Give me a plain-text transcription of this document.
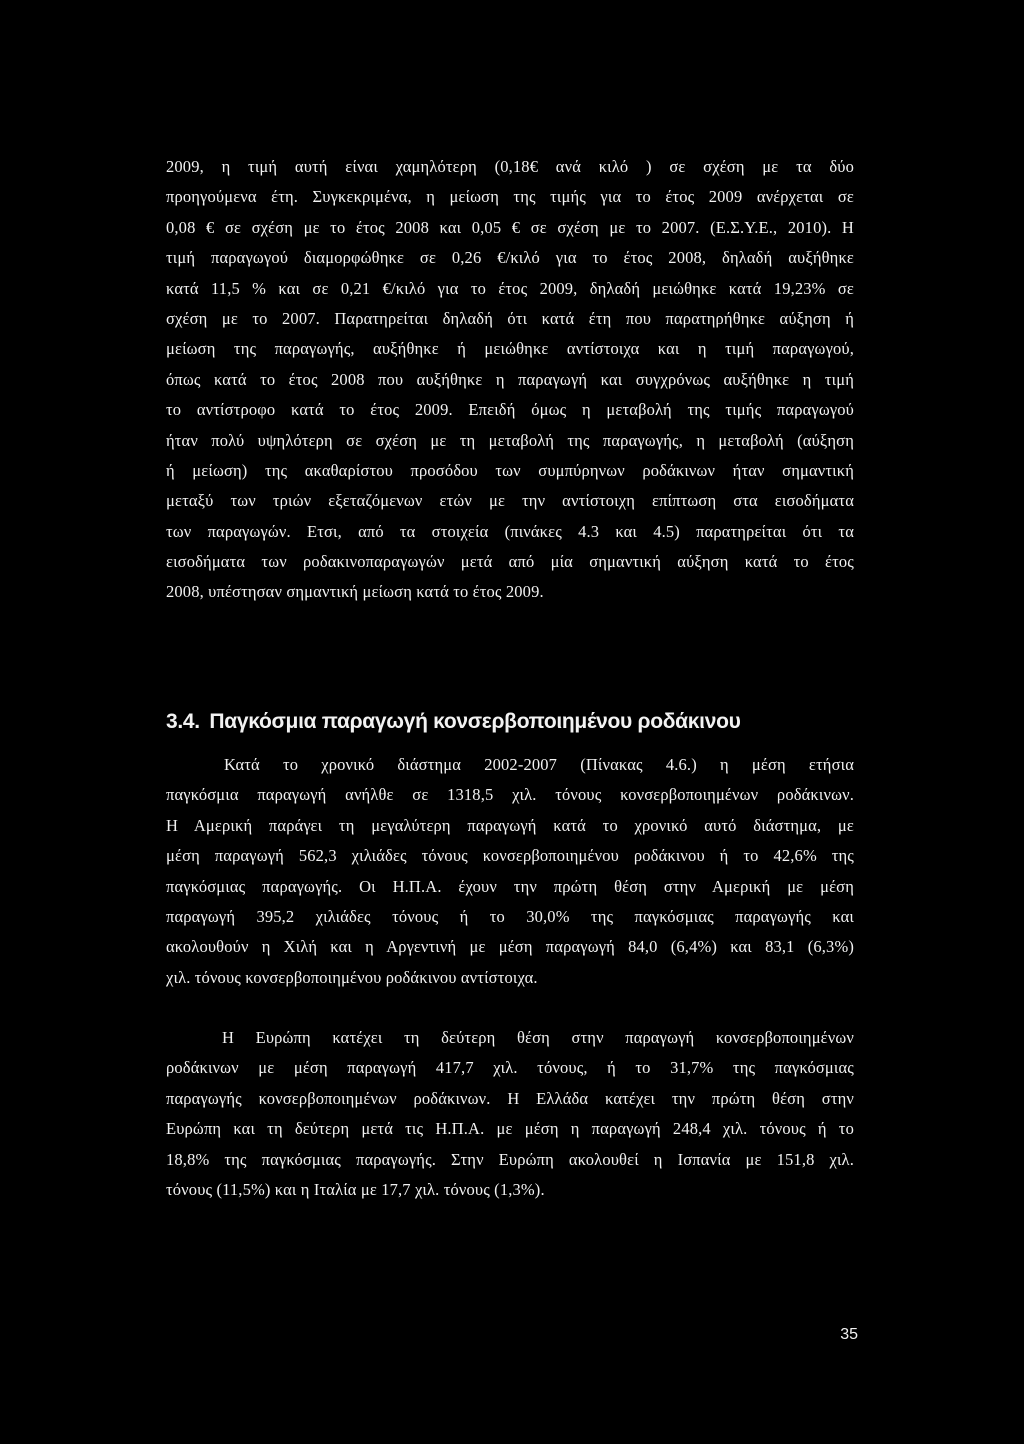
2009, η τιμή αυτή είναι χαμηλότερη (0,18€ ανά κιλό ) σε σχέση με τα δύο
προηγούμενα έτη. Συγκεκριμένα, η μείωση της τιμής για το έτος 2009 ανέρχεται σε
0,08 € σε σχέση με το έτος 2008 και 0,05 € σε σχέση με το 2007. (Ε.Σ.Υ.Ε., 2010). Η
τιμή παραγωγού διαμορφώθηκε σε 0,26 €/κιλό για το έτος 2008, δηλαδή αυξήθηκε
κατά 11,5 % και σε 0,21 €/κιλό για το έτος 2009, δηλαδή μειώθηκε κατά 19,23% σε
σχέση με το 2007. Παρατηρείται δηλαδή ότι κατά έτη που παρατηρήθηκε αύξηση ή
μείωση της παραγωγής, αυξήθηκε ή μειώθηκε αντίστοιχα και η τιμή παραγωγού,
όπως κατά το έτος 2008 που αυξήθηκε η παραγωγή και συγχρόνως αυξήθηκε η τιμή
το αντίστροφο κατά το έτος 2009. Επειδή όμως η μεταβολή της τιμής παραγωγού
ήταν πολύ υψηλότερη σε σχέση με τη μεταβολή της παραγωγής, η μεταβολή (αύξηση
ή μείωση) της ακαθαρίστου προσόδου των συμπύρηνων ροδάκινων ήταν σημαντική
μεταξύ των τριών εξεταζόμενων ετών με την αντίστοιχη επίπτωση στα εισοδήματα
των παραγωγών. Ετσι, από τα στοιχεία (πινάκες 4.3 και 4.5) παρατηρείται ότι τα
εισοδήματα των ροδακινοπαραγωγών μετά από μία σημαντική αύξηση κατά το έτος
2008, υπέστησαν σημαντική μείωση κατά το έτος 2009.
3.4. Παγκόσμια παραγωγή κονσερβοποιημένου ροδάκινου
Κατά το χρονικό διάστημα 2002-2007 (Πίνακας 4.6.) η μέση ετήσια
παγκόσμια παραγωγή ανήλθε σε 1318,5 χιλ. τόνους κονσερβοποιημένων ροδάκινων.
Η Αμερική παράγει τη μεγαλύτερη παραγωγή κατά το χρονικό αυτό διάστημα, με
μέση παραγωγή 562,3 χιλιάδες τόνους κονσερβοποιημένου ροδάκινου ή το 42,6% της
παγκόσμιας παραγωγής. Οι Η.Π.Α. έχουν την πρώτη θέση στην Αμερική με μέση
παραγωγή 395,2 χιλιάδες τόνους ή το 30,0% της παγκόσμιας παραγωγής και
ακολουθούν η Χιλή και η Αργεντινή με μέση παραγωγή 84,0 (6,4%) και 83,1 (6,3%)
χιλ. τόνους κονσερβοποιημένου ροδάκινου αντίστοιχα.
Η Ευρώπη κατέχει τη δεύτερη θέση στην παραγωγή κονσερβοποιημένων
ροδάκινων με μέση παραγωγή 417,7 χιλ. τόνους, ή το 31,7% της παγκόσμιας
παραγωγής κονσερβοποιημένων ροδάκινων. Η Ελλάδα κατέχει την πρώτη θέση στην
Ευρώπη και τη δεύτερη μετά τις Η.Π.Α. με μέση η παραγωγή 248,4 χιλ. τόνους ή το
18,8% της παγκόσμιας παραγωγής. Στην Ευρώπη ακολουθεί η Ισπανία με 151,8 χιλ.
τόνους (11,5%) και η Ιταλία με 17,7 χιλ. τόνους (1,3%).
35
